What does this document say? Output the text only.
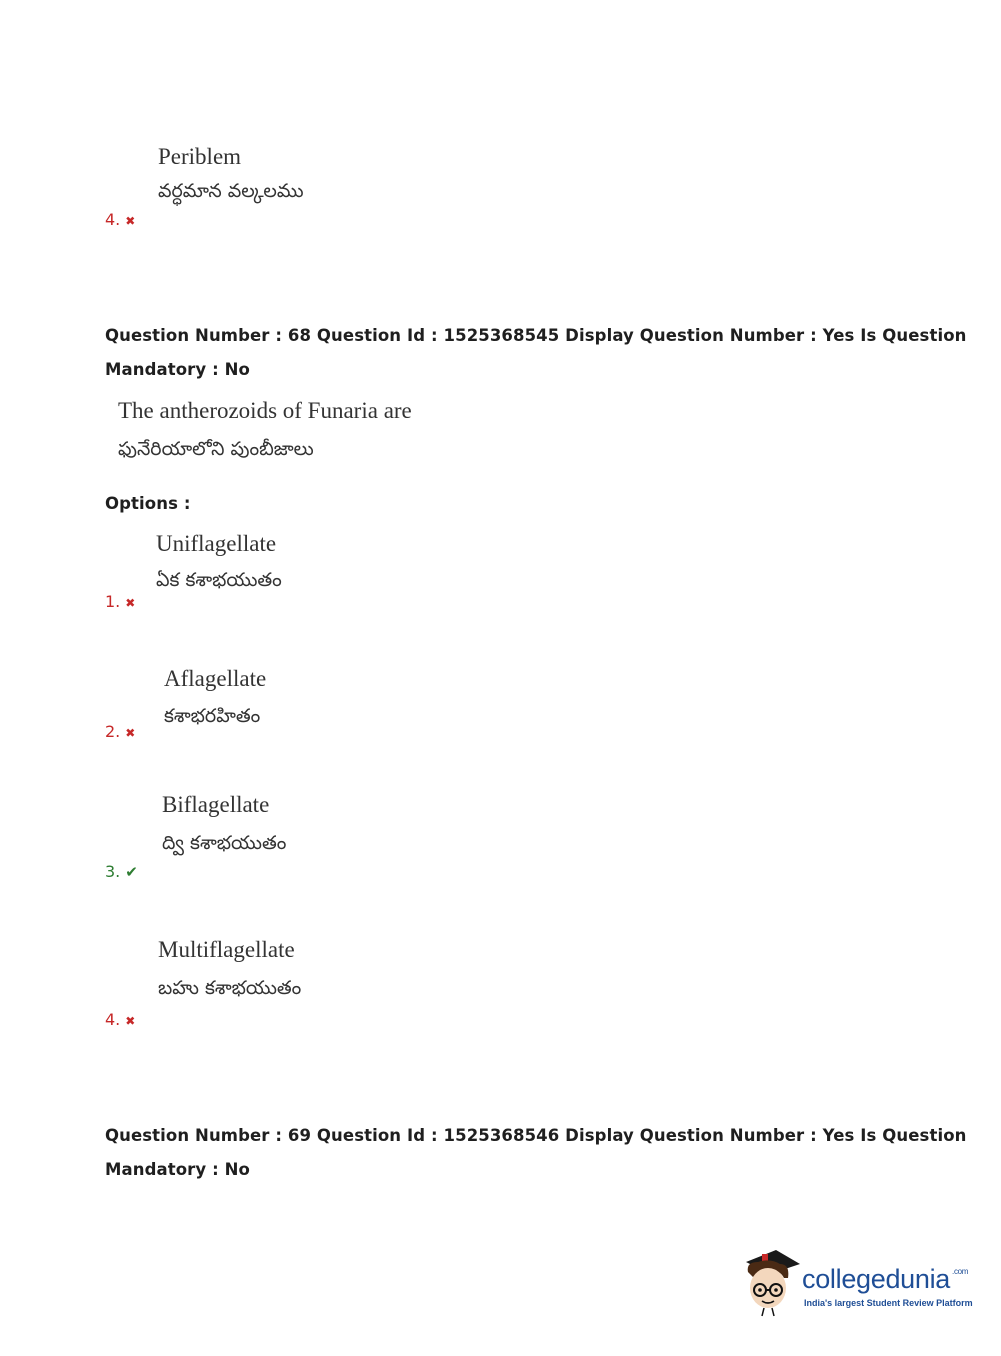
Periblem
వర్ధమాన వల్కలము
4. ✖
Question Number : 68 Question Id : 1525368545 Display Question Number : Yes Is Question
Mandatory : No
The antherozoids of Funaria are
ఫునేరియాలోని పుంబీజాలు
Options :
Uniflagellate
ఏక కశాభయుతం
1. ✖
Aflagellate
కశాభరహితం
2. ✖
Biflagellate
ద్వి కశాభయుతం
3. ✔
Multiflagellate
బహు కశాభయుతం
4. ✖
Question Number : 69 Question Id : 1525368546 Display Question Number : Yes Is Question
Mandatory : No
collegedunia $^{.com}$
India's largest Student Review Platform
